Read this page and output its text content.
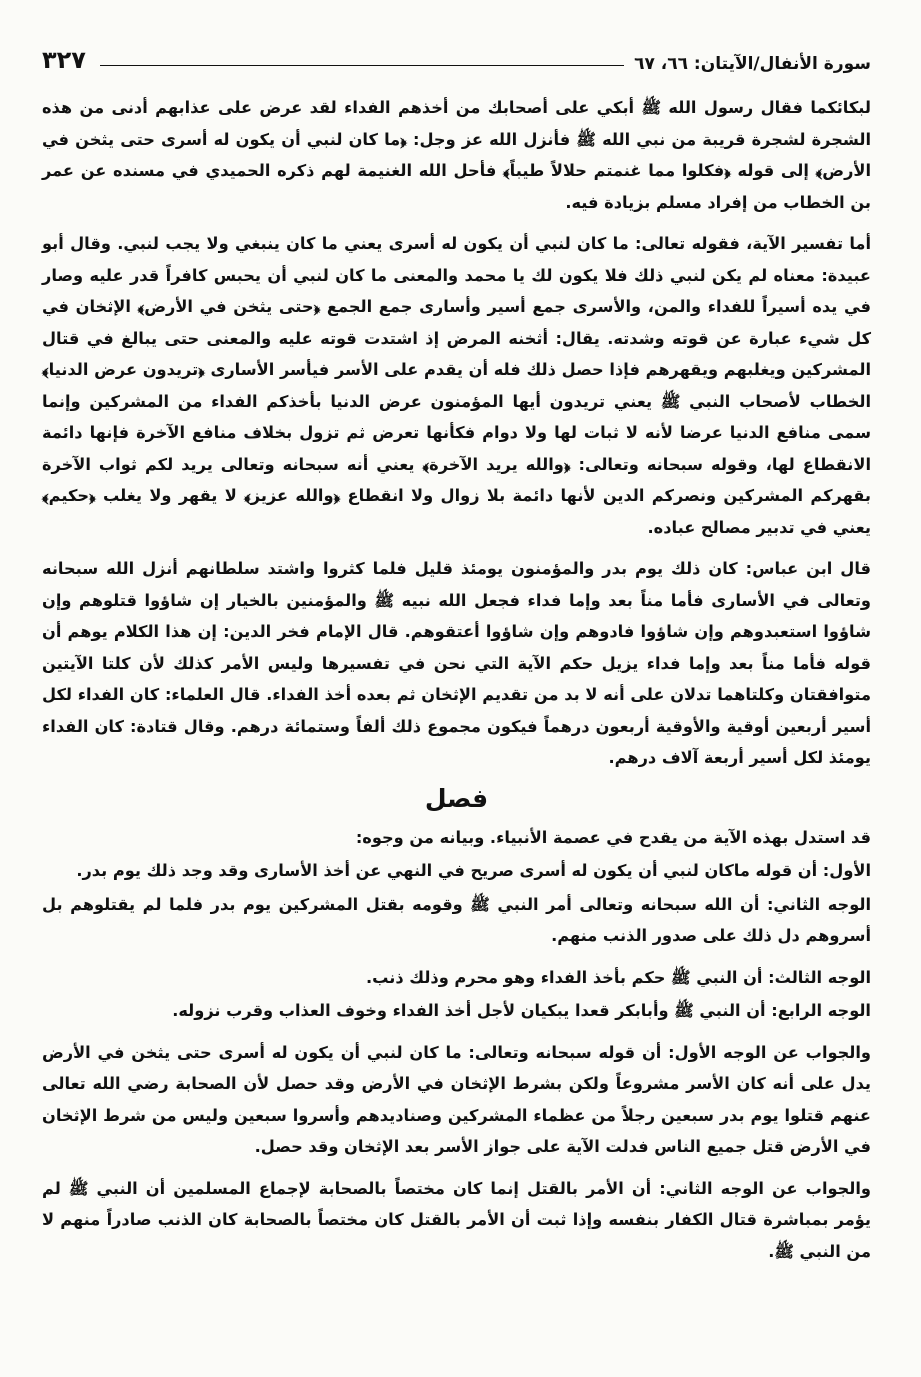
سورة الأنفال/الآيتان: ٦٦، ٦٧
٣٢٧

لبكائكما فقال رسول الله ﷺ أبكي على أصحابك من أخذهم الفداء لقد عرض على عذابهم أدنى من هذه الشجرة لشجرة قريبة من نبي الله ﷺ فأنزل الله عز وجل: ﴿ما كان لنبي أن يكون له أسرى حتى يثخن في الأرض﴾ إلى قوله ﴿فكلوا مما غنمتم حلالاً طيباً﴾ فأحل الله الغنيمة لهم ذكره الحميدي في مسنده عن عمر بن الخطاب من إفراد مسلم بزيادة فيه.

أما تفسير الآية، فقوله تعالى: ما كان لنبي أن يكون له أسرى يعني ما كان ينبغي ولا يجب لنبي. وقال أبو عبيدة: معناه لم يكن لنبي ذلك فلا يكون لك يا محمد والمعنى ما كان لنبي أن يحبس كافراً قدر عليه وصار في يده أسيراً للفداء والمن، والأسرى جمع أسير وأسارى جمع الجمع ﴿حتى يثخن في الأرض﴾ الإثخان في كل شيء عبارة عن قوته وشدته. يقال: أثخنه المرض إذ اشتدت قوته عليه والمعنى حتى يبالغ في قتال المشركين ويغلبهم ويقهرهم فإذا حصل ذلك فله أن يقدم على الأسر فيأسر الأسارى ﴿تريدون عرض الدنيا﴾ الخطاب لأصحاب النبي ﷺ يعني تريدون أيها المؤمنون عرض الدنيا بأخذكم الفداء من المشركين وإنما سمى منافع الدنيا عرضا لأنه لا ثبات لها ولا دوام فكأنها تعرض ثم تزول بخلاف منافع الآخرة فإنها دائمة الانقطاع لها، وقوله سبحانه وتعالى: ﴿والله يريد الآخرة﴾ يعني أنه سبحانه وتعالى يريد لكم ثواب الآخرة بقهركم المشركين ونصركم الدين لأنها دائمة بلا زوال ولا انقطاع ﴿والله عزيز﴾ لا يقهر ولا يغلب ﴿حكيم﴾ يعني في تدبير مصالح عباده.

قال ابن عباس: كان ذلك يوم بدر والمؤمنون يومئذ قليل فلما كثروا واشتد سلطانهم أنزل الله سبحانه وتعالى في الأسارى فأما مناً بعد وإما فداء فجعل الله نبيه ﷺ والمؤمنين بالخيار إن شاؤوا قتلوهم وإن شاؤوا استعبدوهم وإن شاؤوا فادوهم وإن شاؤوا أعتقوهم. قال الإمام فخر الدين: إن هذا الكلام يوهم أن قوله فأما مناً بعد وإما فداء يزيل حكم الآية التي نحن في تفسيرها وليس الأمر كذلك لأن كلتا الآيتين متوافقتان وكلتاهما تدلان على أنه لا بد من تقديم الإثخان ثم بعده أخذ الفداء. قال العلماء: كان الفداء لكل أسير أربعين أوقية والأوقية أربعون درهماً فيكون مجموع ذلك ألفاً وستمائة درهم. وقال قتادة: كان الفداء يومئذ لكل أسير أربعة آلاف درهم.

فصل

قد استدل بهذه الآية من يقدح في عصمة الأنبياء. وبيانه من وجوه:

الأول: أن قوله ماكان لنبي أن يكون له أسرى صريح في النهي عن أخذ الأسارى وقد وجد ذلك يوم بدر.

الوجه الثاني: أن الله سبحانه وتعالى أمر النبي ﷺ وقومه بقتل المشركين يوم بدر فلما لم يقتلوهم بل أسروهم دل ذلك على صدور الذنب منهم.

الوجه الثالث: أن النبي ﷺ حكم بأخذ الفداء وهو محرم وذلك ذنب.

الوجه الرابع: أن النبي ﷺ وأبابكر قعدا يبكيان لأجل أخذ الفداء وخوف العذاب وقرب نزوله.

والجواب عن الوجه الأول: أن قوله سبحانه وتعالى: ما كان لنبي أن يكون له أسرى حتى يثخن في الأرض يدل على أنه كان الأسر مشروعاً ولكن بشرط الإثخان في الأرض وقد حصل لأن الصحابة رضي الله تعالى عنهم قتلوا يوم بدر سبعين رجلاً من عظماء المشركين وصناديدهم وأسروا سبعين وليس من شرط الإثخان في الأرض قتل جميع الناس فدلت الآية على جواز الأسر بعد الإثخان وقد حصل.

والجواب عن الوجه الثاني: أن الأمر بالقتل إنما كان مختصاً بالصحابة لإجماع المسلمين أن النبي ﷺ لم يؤمر بمباشرة قتال الكفار بنفسه وإذا ثبت أن الأمر بالقتل كان مختصاً بالصحابة كان الذنب صادراً منهم لا من النبي ﷺ.
